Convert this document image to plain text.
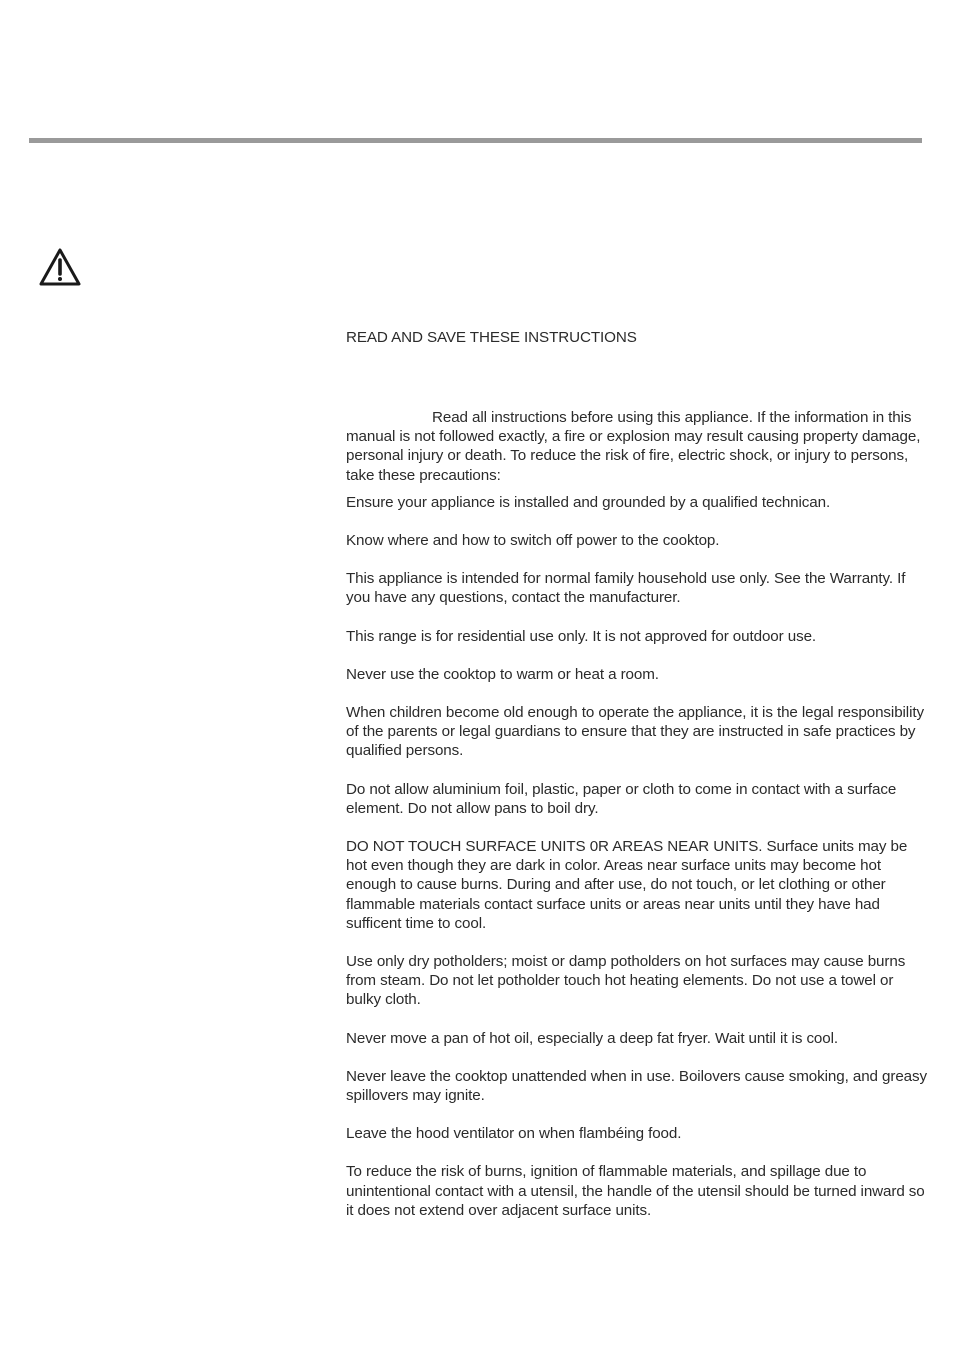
READ AND SAVE THESE INSTRUCTIONS

Read all instructions before using this appliance. If the information in this manual is not followed exactly, a fire or explosion may result causing property damage, personal injury or death. To reduce the risk of fire, electric shock, or injury to persons, take these precautions:

Ensure your appliance is installed and grounded by a qualified technican.

Know where and how to switch off power to the cooktop.

This appliance is intended for normal family household use only. See the Warranty. If you have any questions, contact the manufacturer.

This range is for residential use only. It is not approved for outdoor use.

Never use the cooktop to warm or heat a room.

When children become old enough to operate the appliance, it is the legal responsibility of the parents or legal guardians to ensure that they are instructed in safe practices by qualified persons.

Do not allow aluminium foil, plastic, paper or cloth to come in contact with a surface element. Do not allow pans to boil dry.

DO NOT TOUCH SURFACE UNITS 0R AREAS NEAR UNITS. Surface units may be hot even though they are dark in color. Areas near surface units may become hot enough to cause burns. During and after use, do not touch, or let clothing or other flammable materials contact surface units or areas near units until they have had sufficent time to cool.

Use only dry potholders; moist or damp potholders on hot surfaces may cause burns from steam. Do not let potholder touch hot heating elements. Do not use a towel or bulky cloth.

Never move a pan of hot oil, especially a deep fat fryer. Wait until it is cool.

Never leave the cooktop unattended when in use. Boilovers cause smoking, and greasy spillovers may ignite.

Leave the hood ventilator on when flambéing food.

To reduce the risk of burns, ignition of flammable materials, and spillage due to unintentional contact with a utensil, the handle of the utensil should be turned inward so it does not extend over adjacent surface units.
